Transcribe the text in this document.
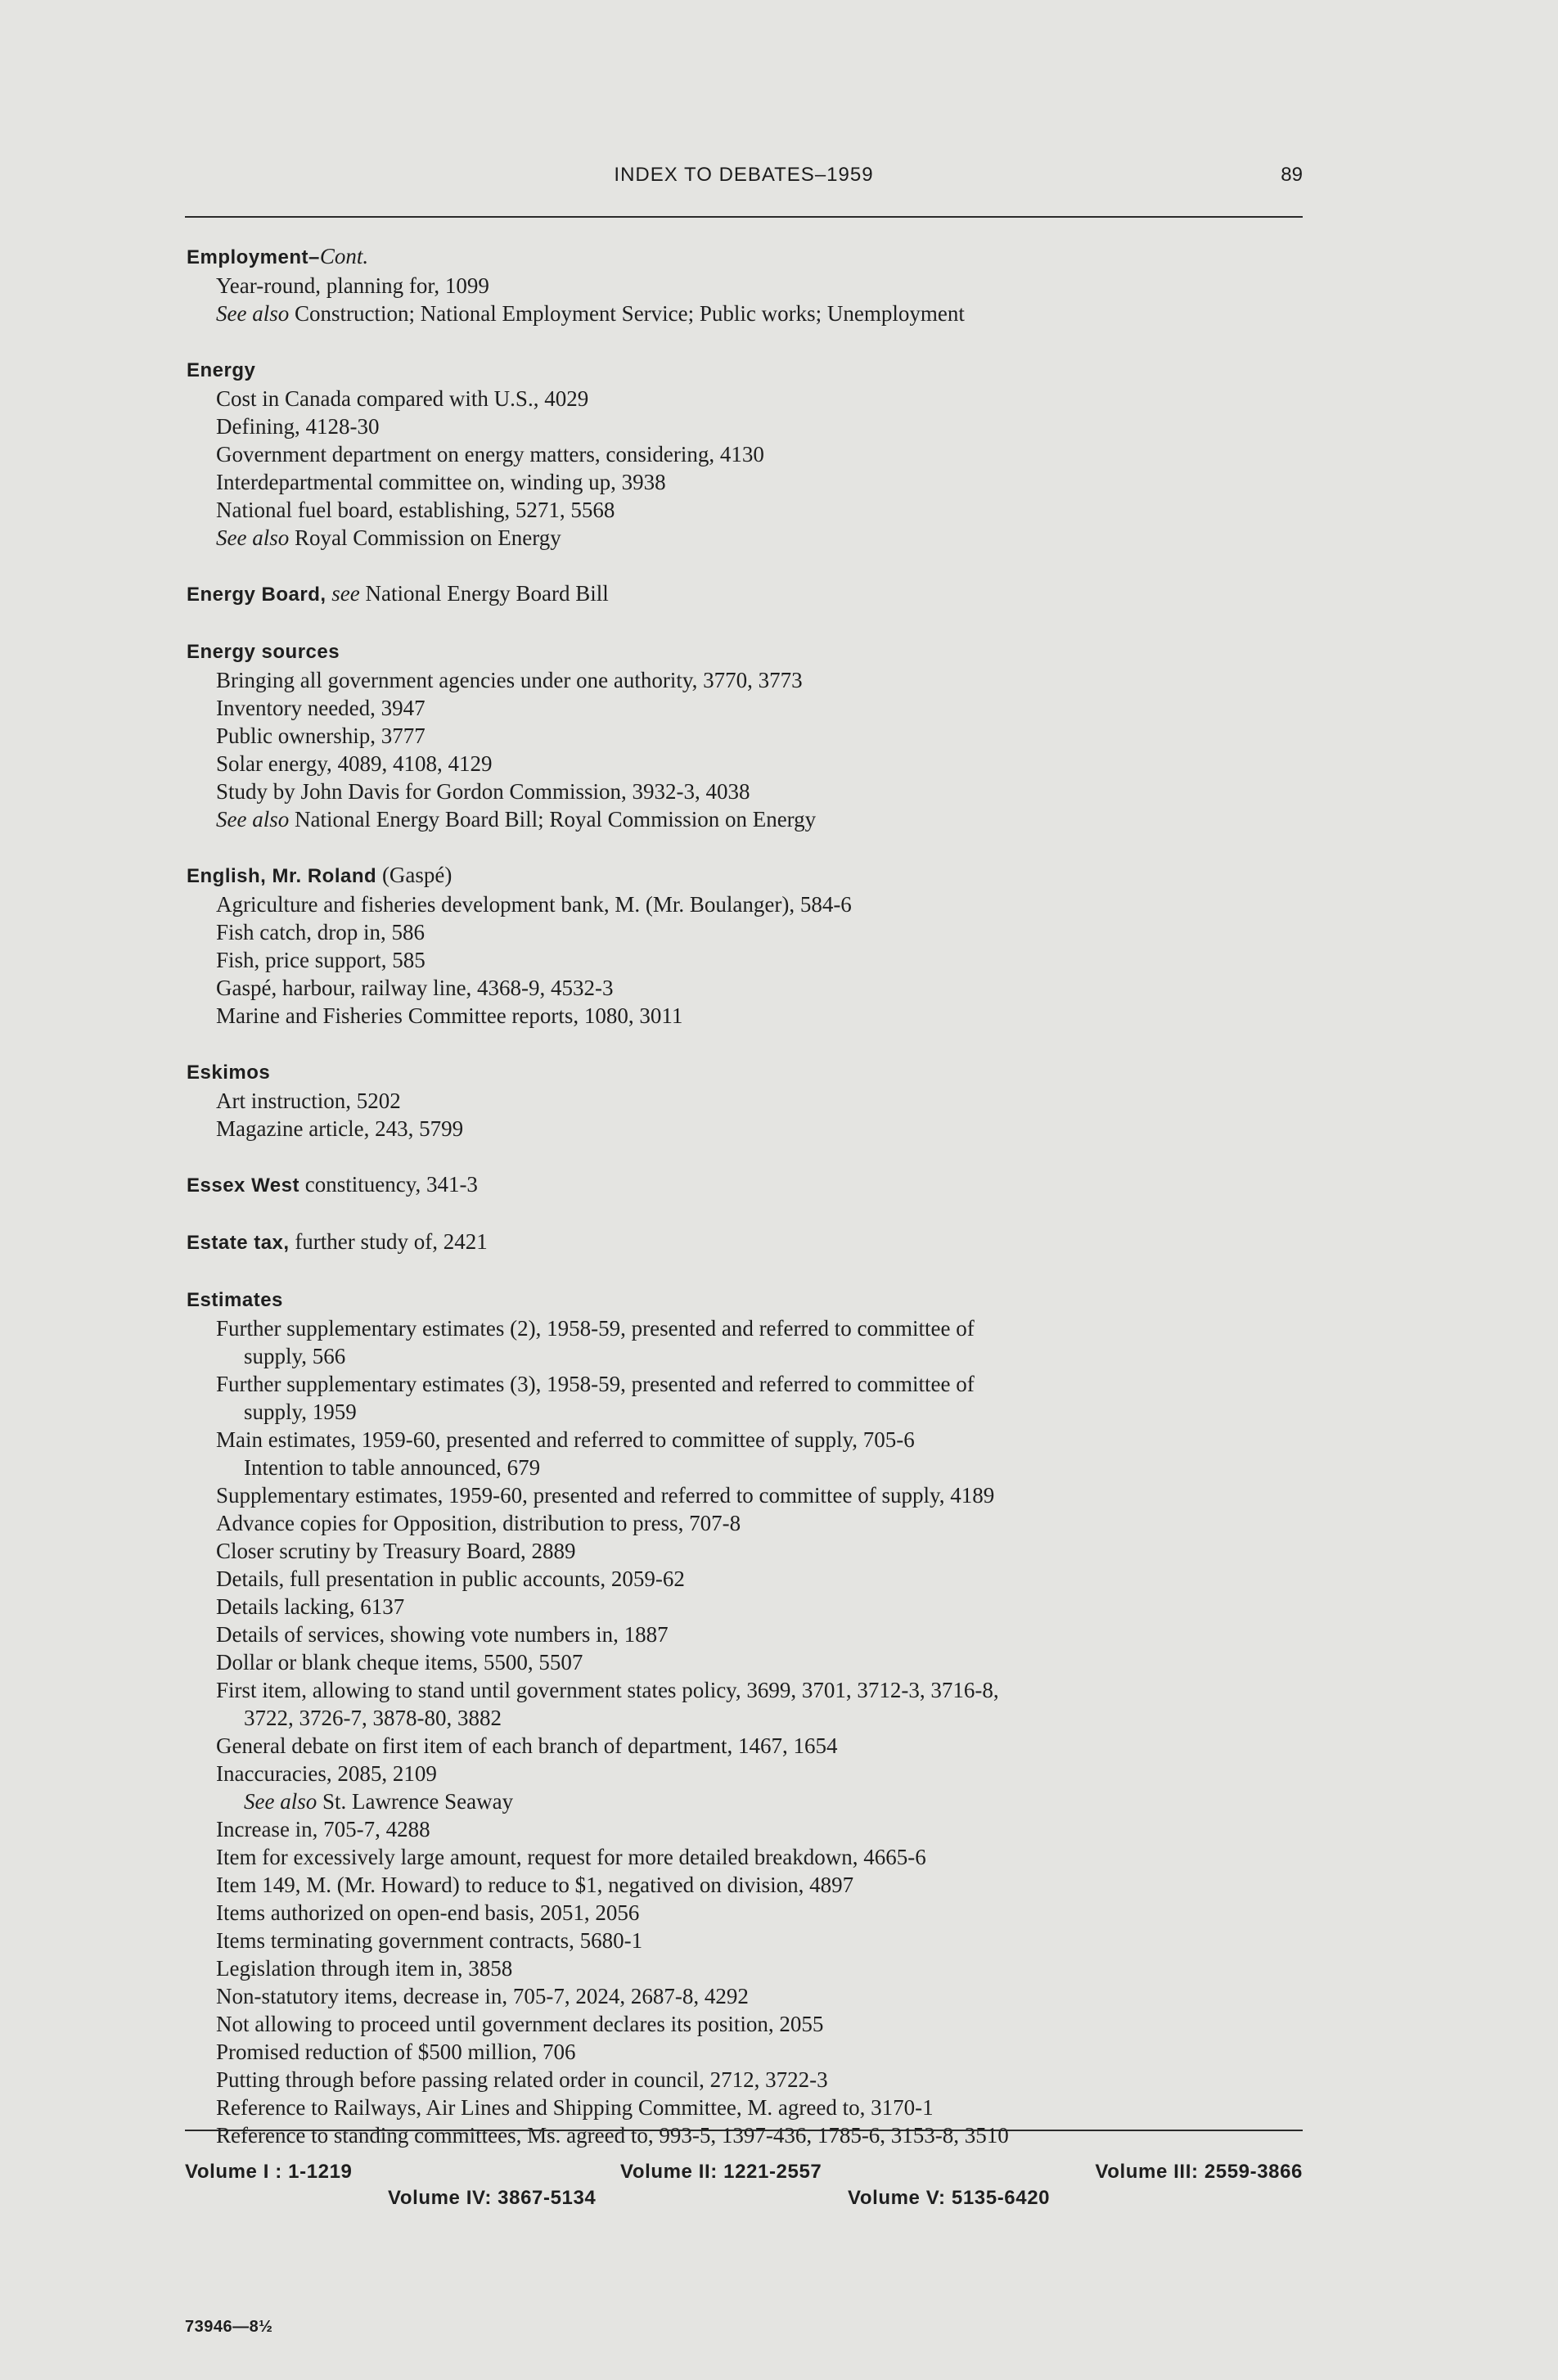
INDEX TO DEBATES–1959	89
Employment–Cont.
Year-round, planning for, 1099
See also Construction; National Employment Service; Public works; Unemployment
Energy
Cost in Canada compared with U.S., 4029
Defining, 4128-30
Government department on energy matters, considering, 4130
Interdepartmental committee on, winding up, 3938
National fuel board, establishing, 5271, 5568
See also Royal Commission on Energy
Energy Board, see National Energy Board Bill
Energy sources
Bringing all government agencies under one authority, 3770, 3773
Inventory needed, 3947
Public ownership, 3777
Solar energy, 4089, 4108, 4129
Study by John Davis for Gordon Commission, 3932-3, 4038
See also National Energy Board Bill; Royal Commission on Energy
English, Mr. Roland (Gaspé)
Agriculture and fisheries development bank, M. (Mr. Boulanger), 584-6
Fish catch, drop in, 586
Fish, price support, 585
Gaspé, harbour, railway line, 4368-9, 4532-3
Marine and Fisheries Committee reports, 1080, 3011
Eskimos
Art instruction, 5202
Magazine article, 243, 5799
Essex West constituency, 341-3
Estate tax, further study of, 2421
Estimates
Further supplementary estimates (2), 1958-59, presented and referred to committee of
supply, 566
Further supplementary estimates (3), 1958-59, presented and referred to committee of
supply, 1959
Main estimates, 1959-60, presented and referred to committee of supply, 705-6
Intention to table announced, 679
Supplementary estimates, 1959-60, presented and referred to committee of supply, 4189
Advance copies for Opposition, distribution to press, 707-8
Closer scrutiny by Treasury Board, 2889
Details, full presentation in public accounts, 2059-62
Details lacking, 6137
Details of services, showing vote numbers in, 1887
Dollar or blank cheque items, 5500, 5507
First item, allowing to stand until government states policy, 3699, 3701, 3712-3, 3716-8,
3722, 3726-7, 3878-80, 3882
General debate on first item of each branch of department, 1467, 1654
Inaccuracies, 2085, 2109
See also St. Lawrence Seaway
Increase in, 705-7, 4288
Item for excessively large amount, request for more detailed breakdown, 4665-6
Item 149, M. (Mr. Howard) to reduce to $1, negatived on division, 4897
Items authorized on open-end basis, 2051, 2056
Items terminating government contracts, 5680-1
Legislation through item in, 3858
Non-statutory items, decrease in, 705-7, 2024, 2687-8, 4292
Not allowing to proceed until government declares its position, 2055
Promised reduction of $500 million, 706
Putting through before passing related order in council, 2712, 3722-3
Reference to Railways, Air Lines and Shipping Committee, M. agreed to, 3170-1
Reference to standing committees, Ms. agreed to, 993-5, 1397-436, 1785-6, 3153-8, 3510
Volume I : 1-1219	Volume II: 1221-2557	Volume III: 2559-3866
Volume IV: 3867-5134	Volume V: 5135-6420
73946—8½
